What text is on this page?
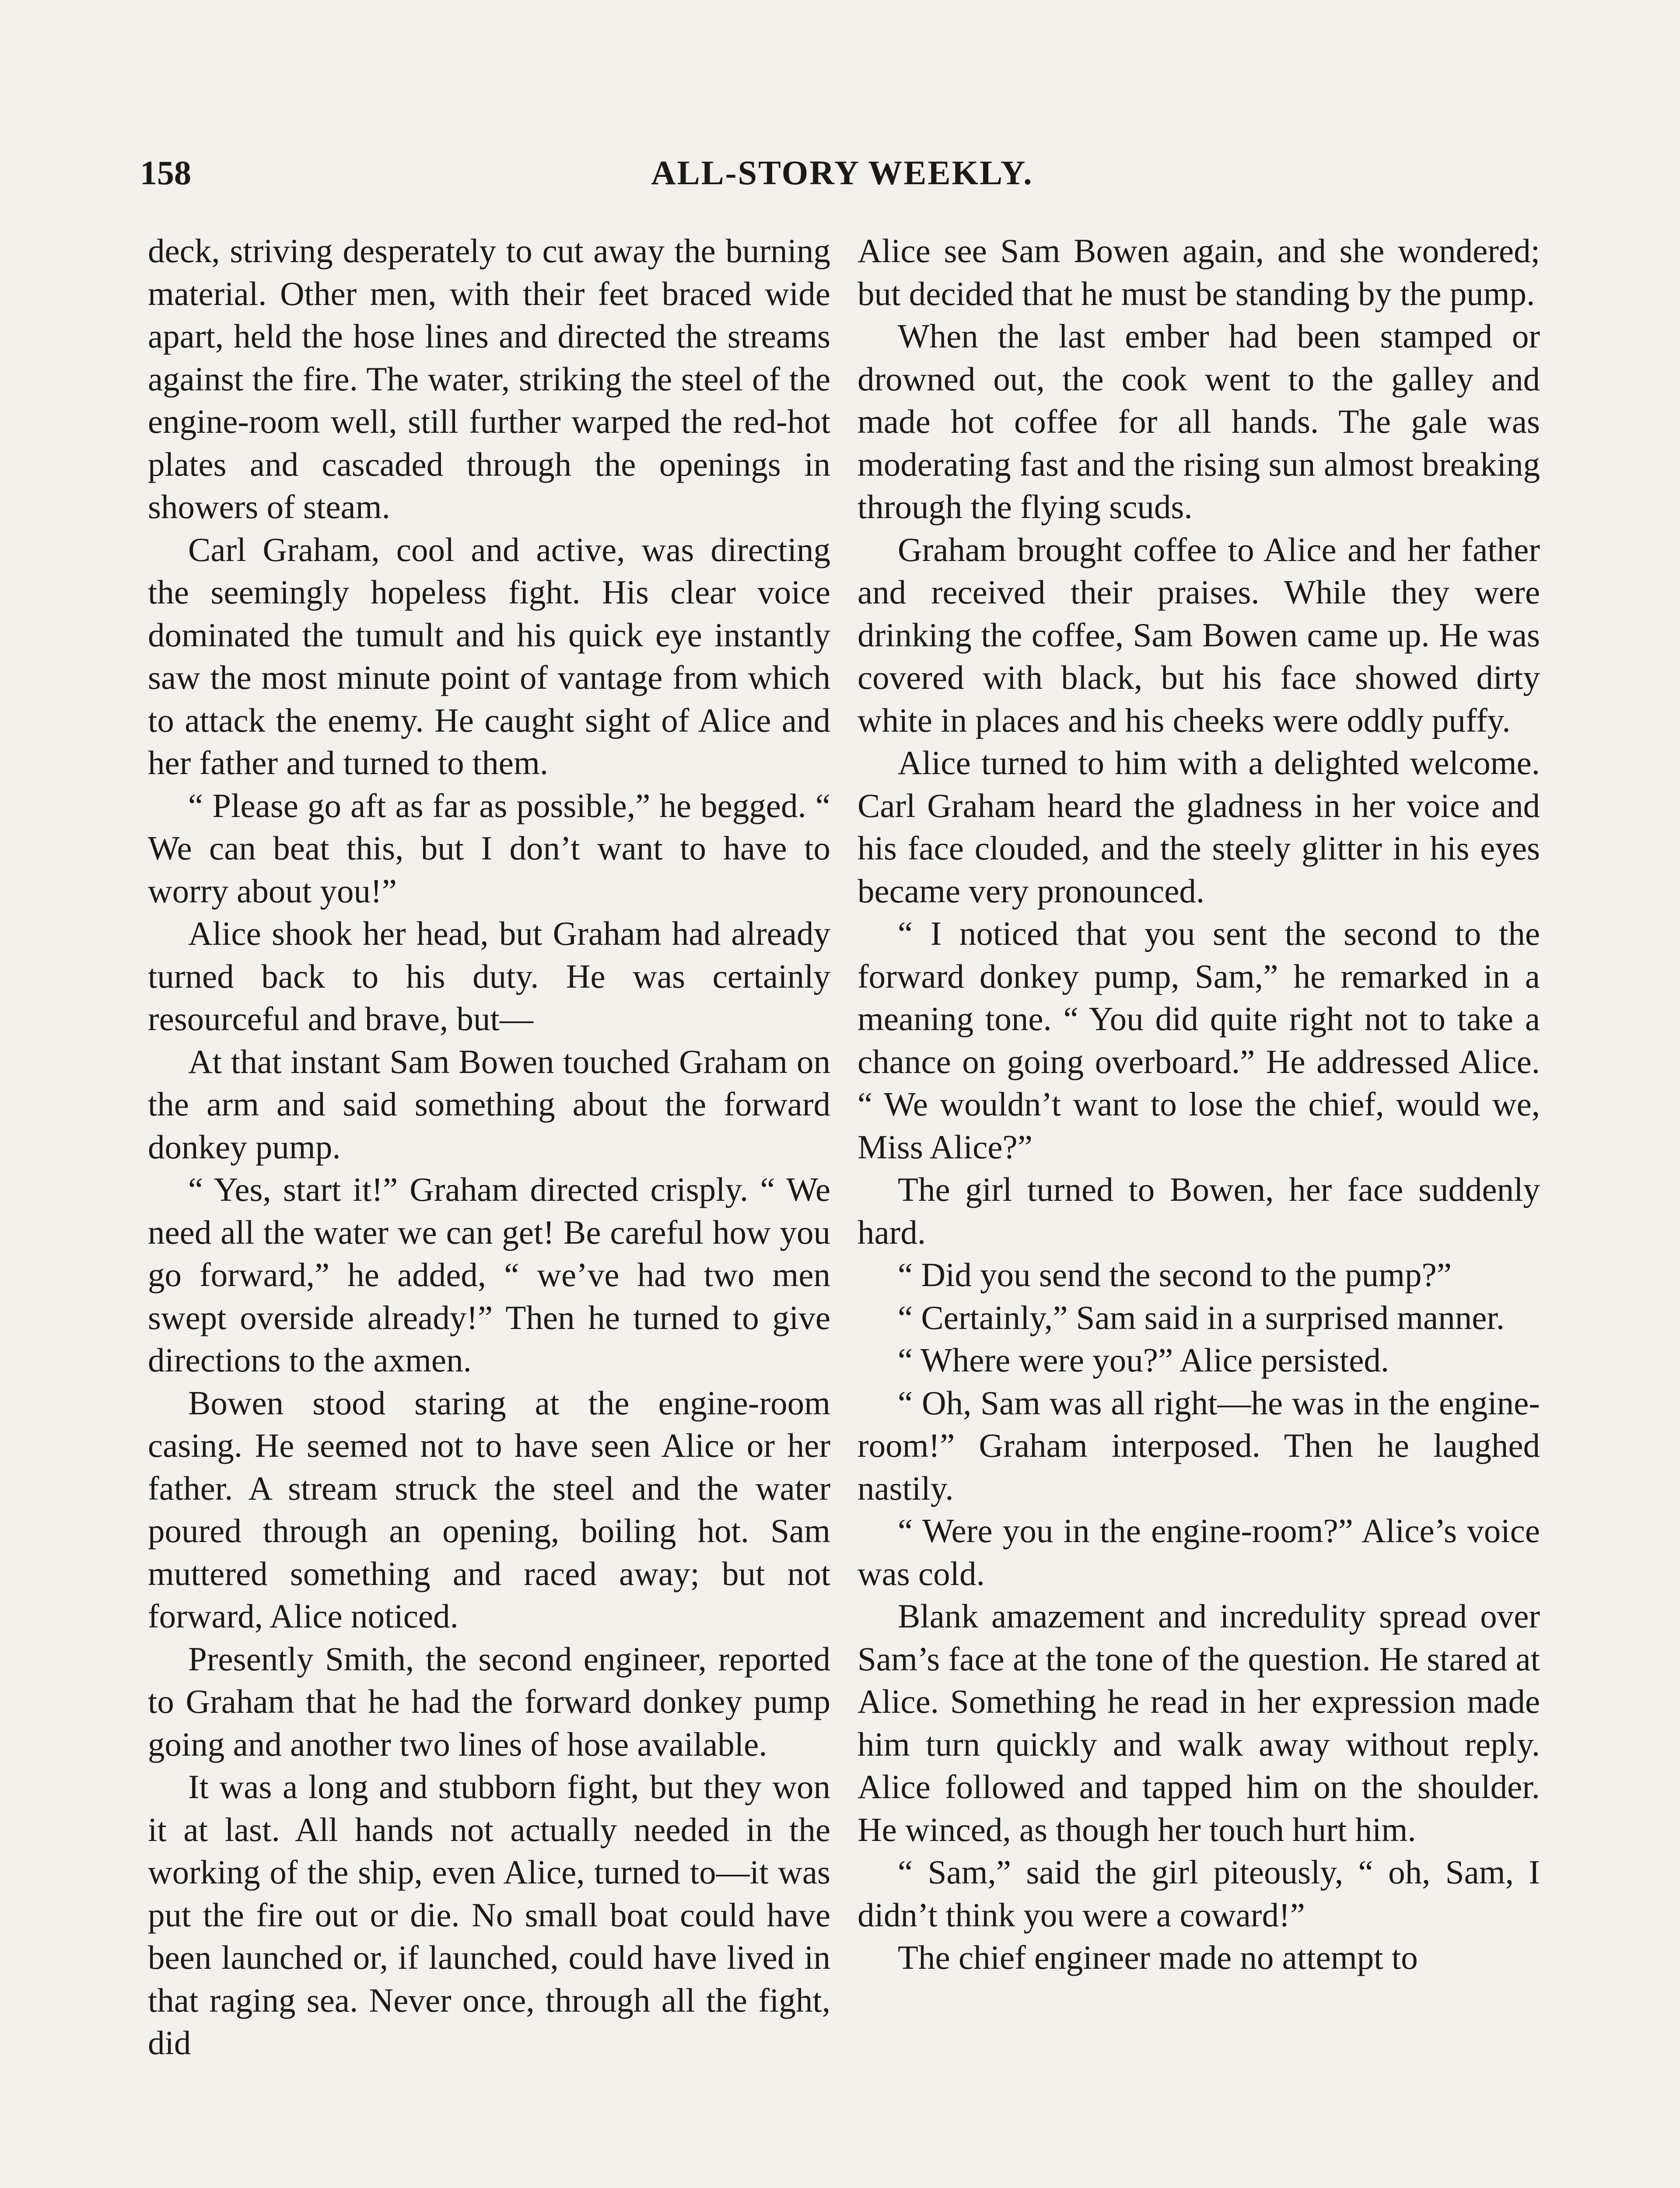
158	ALL-STORY WEEKLY.

deck, striving desperately to cut away the burning material. Other men, with their feet braced wide apart, held the hose lines and directed the streams against the fire. The water, striking the steel of the engine-room well, still further warped the red-hot plates and cascaded through the openings in showers of steam.

Carl Graham, cool and active, was directing the seemingly hopeless fight. His clear voice dominated the tumult and his quick eye instantly saw the most minute point of vantage from which to attack the enemy. He caught sight of Alice and her father and turned to them.

“ Please go aft as far as possible,” he begged. “ We can beat this, but I don’t want to have to worry about you!”

Alice shook her head, but Graham had already turned back to his duty. He was certainly resourceful and brave, but—

At that instant Sam Bowen touched Graham on the arm and said something about the forward donkey pump.

“ Yes, start it!” Graham directed crisply. “ We need all the water we can get! Be careful how you go forward,” he added, “ we’ve had two men swept overside already!” Then he turned to give directions to the axmen.

Bowen stood staring at the engine-room casing. He seemed not to have seen Alice or her father. A stream struck the steel and the water poured through an opening, boiling hot. Sam muttered something and raced away; but not forward, Alice noticed.

Presently Smith, the second engineer, reported to Graham that he had the forward donkey pump going and another two lines of hose available.

It was a long and stubborn fight, but they won it at last. All hands not actually needed in the working of the ship, even Alice, turned to—it was put the fire out or die. No small boat could have been launched or, if launched, could have lived in that raging sea. Never once, through all the fight, did

Alice see Sam Bowen again, and she wondered; but decided that he must be standing by the pump.

When the last ember had been stamped or drowned out, the cook went to the galley and made hot coffee for all hands. The gale was moderating fast and the rising sun almost breaking through the flying scuds.

Graham brought coffee to Alice and her father and received their praises. While they were drinking the coffee, Sam Bowen came up. He was covered with black, but his face showed dirty white in places and his cheeks were oddly puffy.

Alice turned to him with a delighted welcome. Carl Graham heard the gladness in her voice and his face clouded, and the steely glitter in his eyes became very pronounced.

“ I noticed that you sent the second to the forward donkey pump, Sam,” he remarked in a meaning tone. “ You did quite right not to take a chance on going overboard.” He addressed Alice. “ We wouldn’t want to lose the chief, would we, Miss Alice?”

The girl turned to Bowen, her face suddenly hard.

“ Did you send the second to the pump?”

“ Certainly,” Sam said in a surprised manner.

“ Where were you?” Alice persisted.

“ Oh, Sam was all right—he was in the engine-room!” Graham interposed. Then he laughed nastily.

“ Were you in the engine-room?” Alice’s voice was cold.

Blank amazement and incredulity spread over Sam’s face at the tone of the question. He stared at Alice. Something he read in her expression made him turn quickly and walk away without reply. Alice followed and tapped him on the shoulder. He winced, as though her touch hurt him.

“ Sam,” said the girl piteously, “ oh, Sam, I didn’t think you were a coward!”

The chief engineer made no attempt to
